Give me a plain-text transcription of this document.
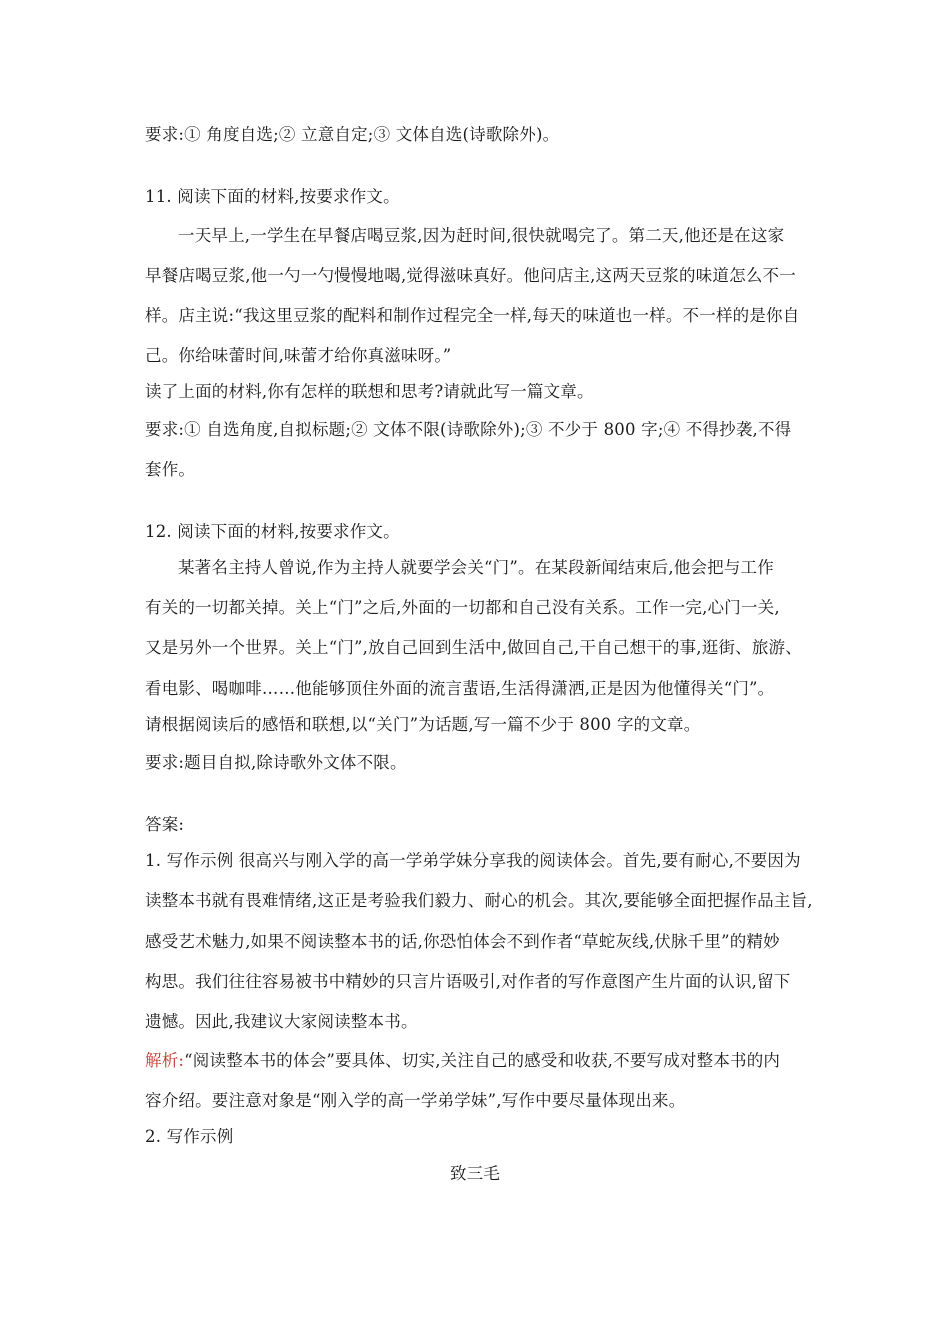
要求:① 角度自选;② 立意自定;③ 文体自选(诗歌除外)。
11. 阅读下面的材料,按要求作文。
一天早上,一学生在早餐店喝豆浆,因为赶时间,很快就喝完了。第二天,他还是在这家
早餐店喝豆浆,他一勺一勺慢慢地喝,觉得滋味真好。他问店主,这两天豆浆的味道怎么不一
样。店主说:“我这里豆浆的配料和制作过程完全一样,每天的味道也一样。不一样的是你自
己。你给味蕾时间,味蕾才给你真滋味呀。”
读了上面的材料,你有怎样的联想和思考?请就此写一篇文章。
要求:① 自选角度,自拟标题;② 文体不限(诗歌除外);③ 不少于 800 字;④ 不得抄袭,不得
套作。
12. 阅读下面的材料,按要求作文。
某著名主持人曾说,作为主持人就要学会关“门”。在某段新闻结束后,他会把与工作
有关的一切都关掉。关上“门”之后,外面的一切都和自己没有关系。工作一完,心门一关,
又是另外一个世界。关上“门”,放自己回到生活中,做回自己,干自己想干的事,逛街、旅游、
看电影、喝咖啡……他能够顶住外面的流言蜚语,生活得潇洒,正是因为他懂得关“门”。
请根据阅读后的感悟和联想,以“关门”为话题,写一篇不少于 800 字的文章。
要求:题目自拟,除诗歌外文体不限。
答案:
1. 写作示例 很高兴与刚入学的高一学弟学妹分享我的阅读体会。首先,要有耐心,不要因为
读整本书就有畏难情绪,这正是考验我们毅力、耐心的机会。其次,要能够全面把握作品主旨,
感受艺术魅力,如果不阅读整本书的话,你恐怕体会不到作者“草蛇灰线,伏脉千里”的精妙
构思。我们往往容易被书中精妙的只言片语吸引,对作者的写作意图产生片面的认识,留下
遗憾。因此,我建议大家阅读整本书。
解析:“阅读整本书的体会”要具体、切实,关注自己的感受和收获,不要写成对整本书的内
容介绍。要注意对象是“刚入学的高一学弟学妹”,写作中要尽量体现出来。
2. 写作示例
致三毛
